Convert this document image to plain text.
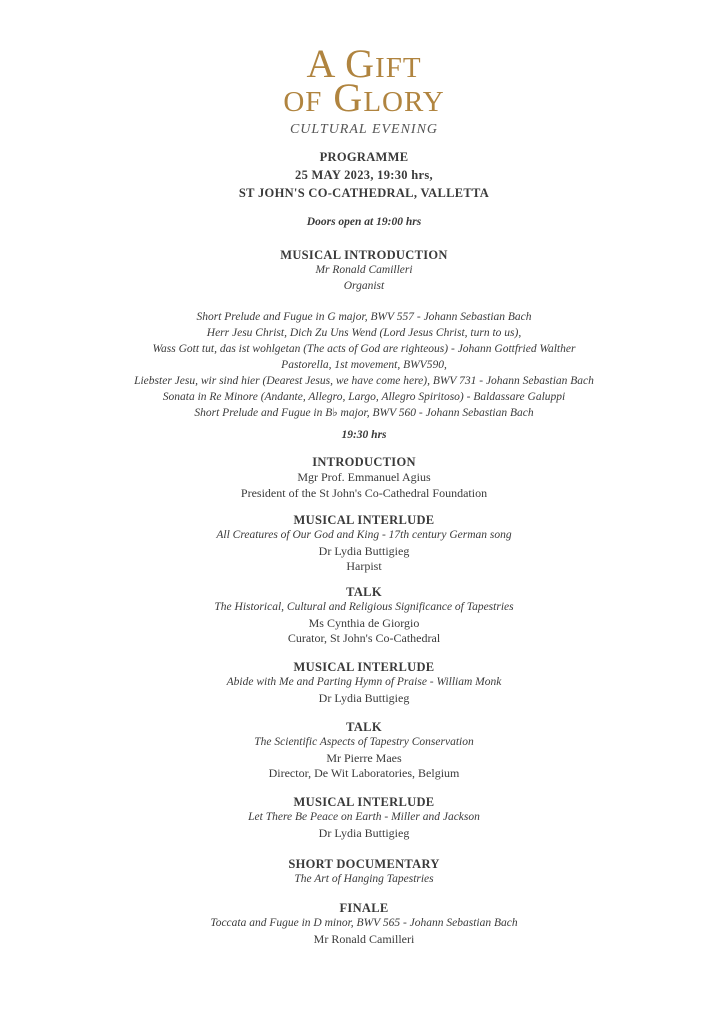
A GIFT
OF GLORY
CULTURAL EVENING
PROGRAMME
25 MAY 2023, 19:30 hrs,
ST JOHN'S CO-CATHEDRAL, VALLETTA
Doors open at 19:00 hrs
MUSICAL INTRODUCTION
Mr Ronald Camilleri
Organist
Short Prelude and Fugue in G major, BWV 557 - Johann Sebastian Bach
Herr Jesu Christ, Dich Zu Uns Wend (Lord Jesus Christ, turn to us),
Wass Gott tut, das ist wohlgetan (The acts of God are righteous) - Johann Gottfried Walther
Pastorella, 1st movement, BWV590,
Liebster Jesu, wir sind hier (Dearest Jesus, we have come here), BWV 731 - Johann Sebastian Bach
Sonata in Re Minore (Andante, Allegro, Largo, Allegro Spiritoso) - Baldassare Galuppi
Short Prelude and Fugue in B♭ major, BWV 560 - Johann Sebastian Bach
19:30 hrs
INTRODUCTION
Mgr Prof. Emmanuel Agius
President of the St John's Co-Cathedral Foundation
MUSICAL INTERLUDE
All Creatures of Our God and King - 17th century German song
Dr Lydia Buttigieg
Harpist
TALK
The Historical, Cultural and Religious Significance of Tapestries
Ms Cynthia de Giorgio
Curator, St John's Co-Cathedral
MUSICAL INTERLUDE
Abide with Me and Parting Hymn of Praise - William Monk
Dr Lydia Buttigieg
TALK
The Scientific Aspects of Tapestry Conservation
Mr Pierre Maes
Director, De Wit Laboratories, Belgium
MUSICAL INTERLUDE
Let There Be Peace on Earth - Miller and Jackson
Dr Lydia Buttigieg
SHORT DOCUMENTARY
The Art of Hanging Tapestries
FINALE
Toccata and Fugue in D minor, BWV 565 - Johann Sebastian Bach
Mr Ronald Camilleri
